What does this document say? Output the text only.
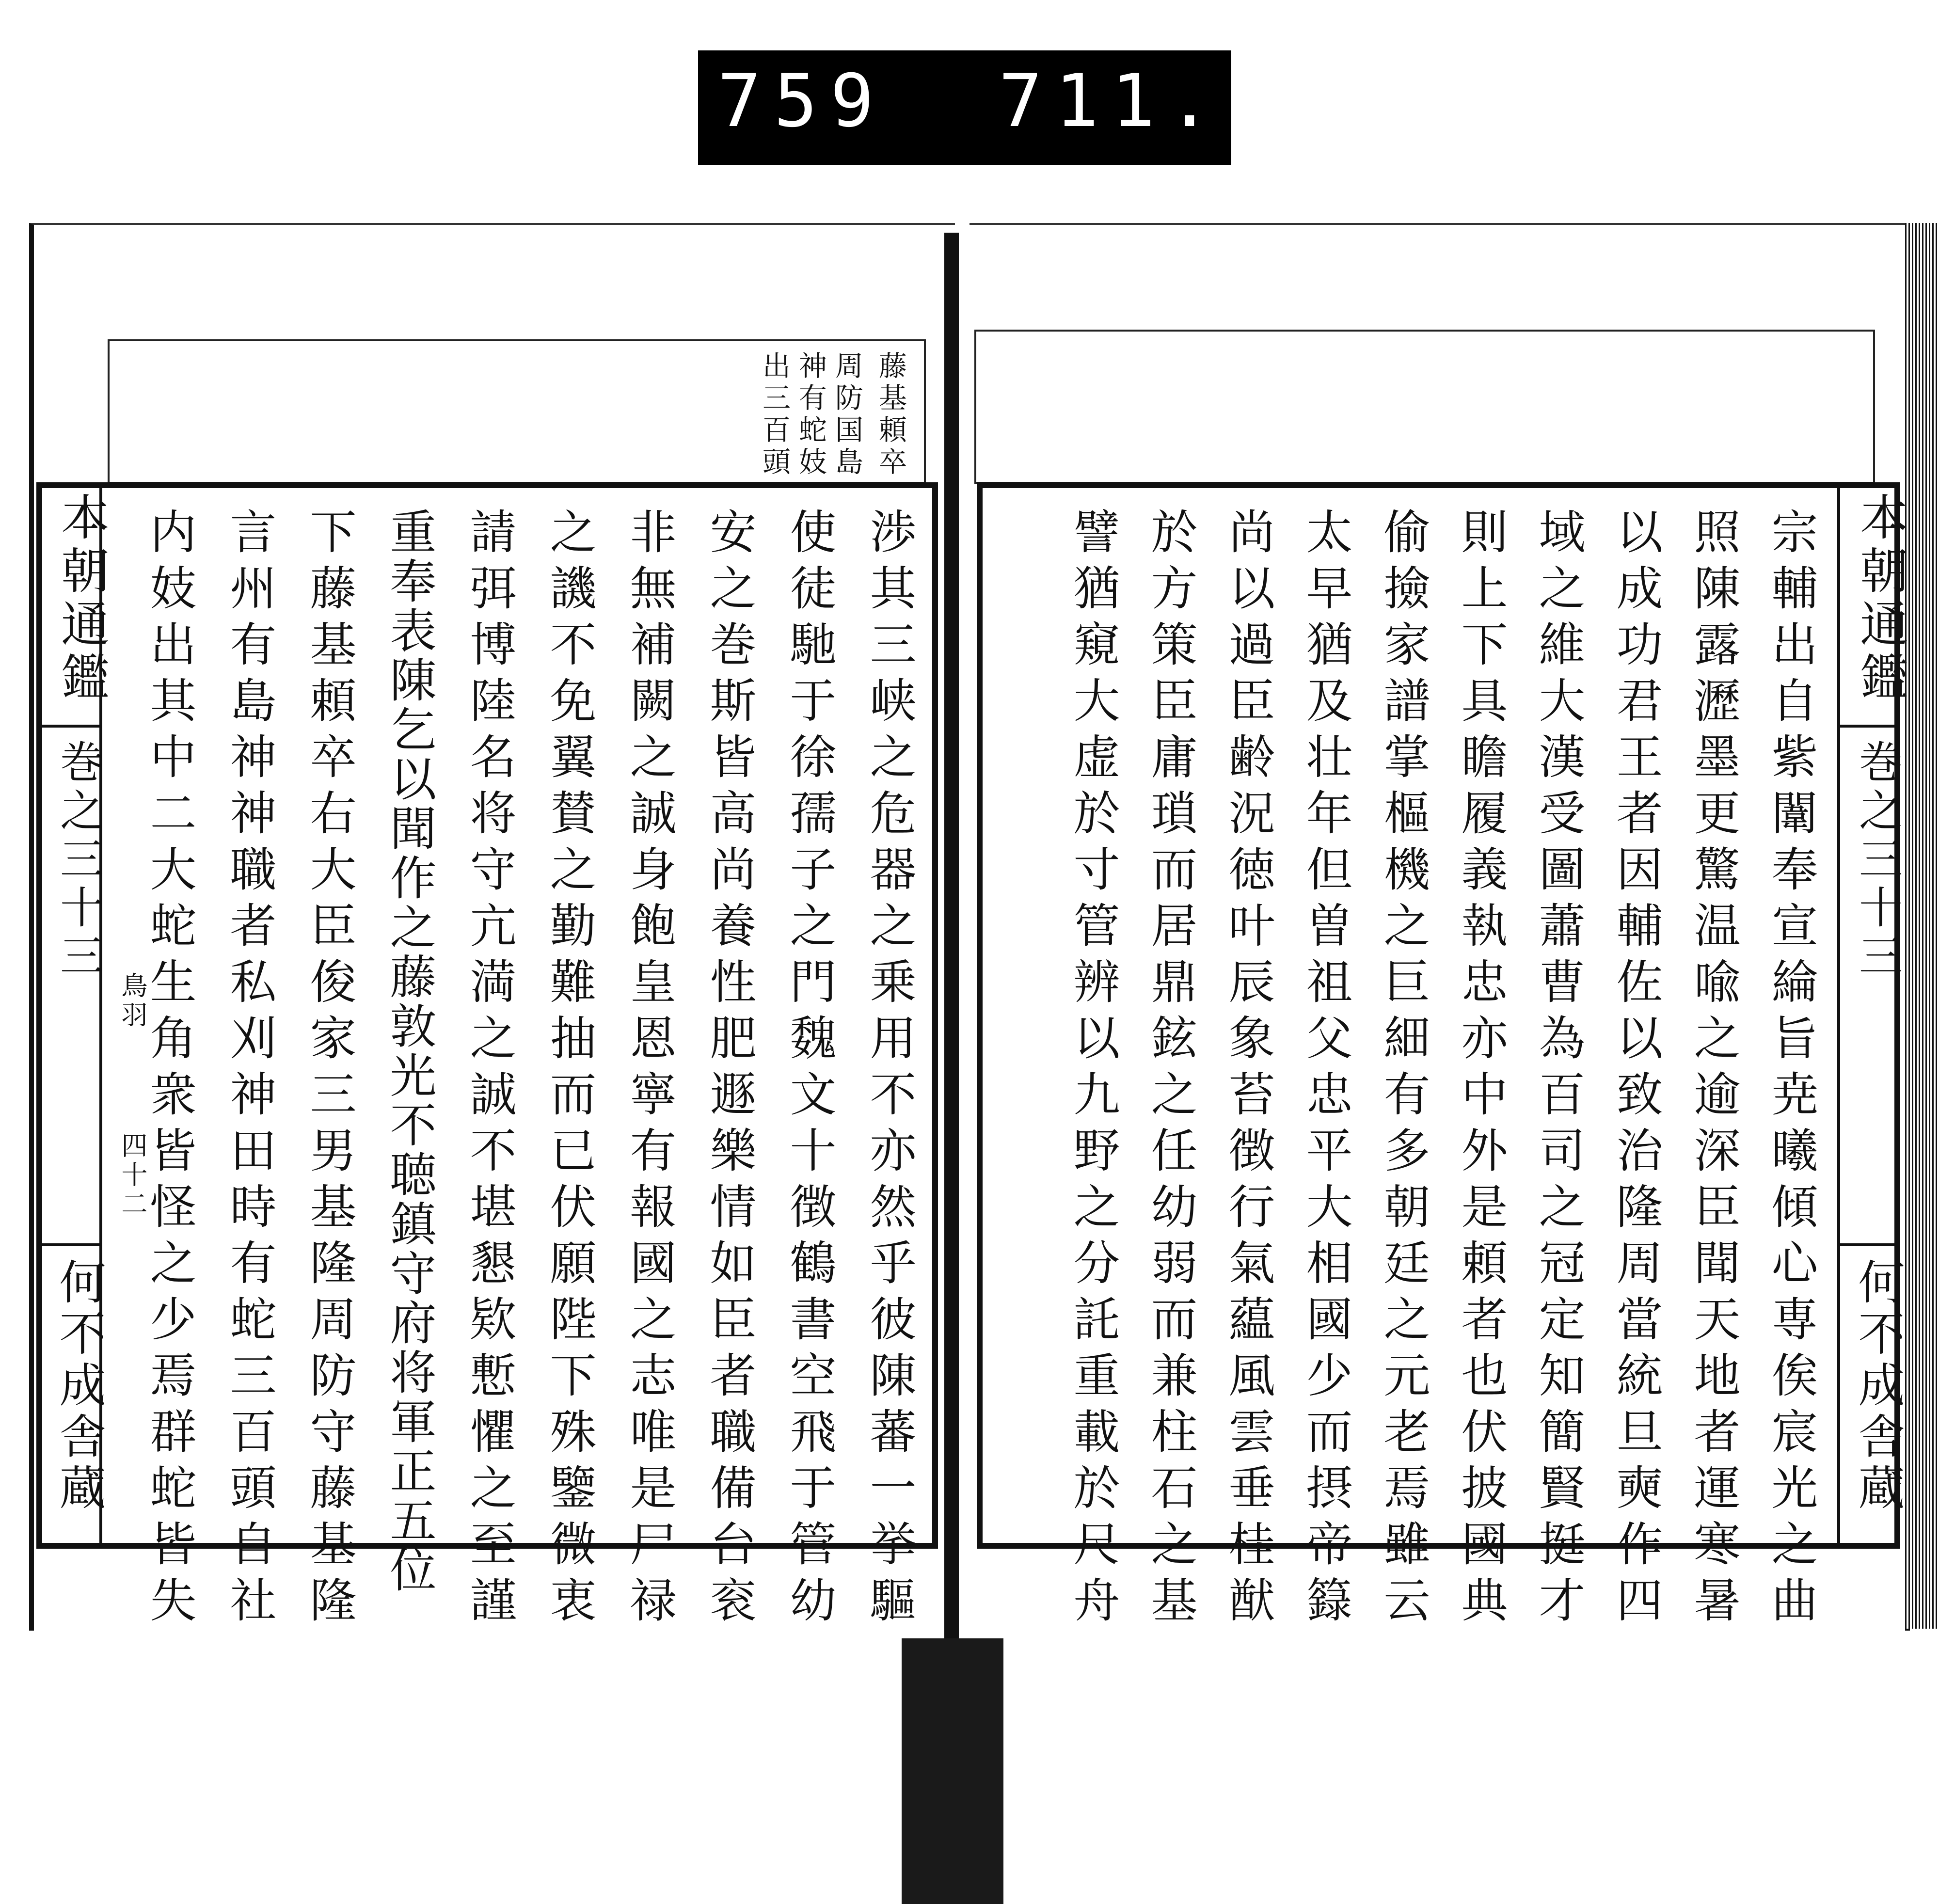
759 711.
藤基頼卒
周防国島
神有蛇妓
出三百頭
渉其三峡之危器之乗用不亦然乎彼陳蕃一挙驅
使徒馳于徐孺子之門魏文十徴鶴書空飛于管幼
安之巻斯皆高尚養性肥遯樂情如臣者職備台衮
非無補闕之誠身飽皇恩寧有報國之志唯是尸禄
之譏不免翼賛之勤難抽而已伏願陛下殊鑒微衷
請弭博陸名将守亢満之誠不堪懇欵慙懼之至謹
重奉表陳乞以聞作之藤敦光不聴鎮守府将軍正五位
下藤基頼卒右大臣俊家三男基隆周防守藤基隆
言州有島神神職者私刈神田時有蛇三百頭自社
内妓出其中二大蛇生角衆皆怪之少焉群蛇皆失	宗輔出自紫闈奉宣綸旨尭曦傾心専俟宸光之曲
照陳露瀝墨更驚温喩之逾深臣聞天地者運寒暑
以成功君王者因輔佐以致治隆周當統旦奭作四
域之維大漢受圖蕭曹為百司之冠定知簡賢挺才
則上下具瞻履義執忠亦中外是頼者也伏披國典
偷撿家譜掌樞機之巨細有多朝廷之元老焉雖云
太早猶及壮年但曽祖父忠平大相國少而摂帝籙
尚以過臣齢況徳叶辰象苔徴行氣藴風雲垂桂猷
於方策臣庸瑣而居鼎鉉之任幼弱而兼柱石之基
譬猶窺大虚於寸管辨以九野之分託重載於尺舟
本朝通鑑
巻之三十三
鳥羽
四十二
何不成舎蔵
本朝通鑑
巻之三十三
何不成舎蔵
